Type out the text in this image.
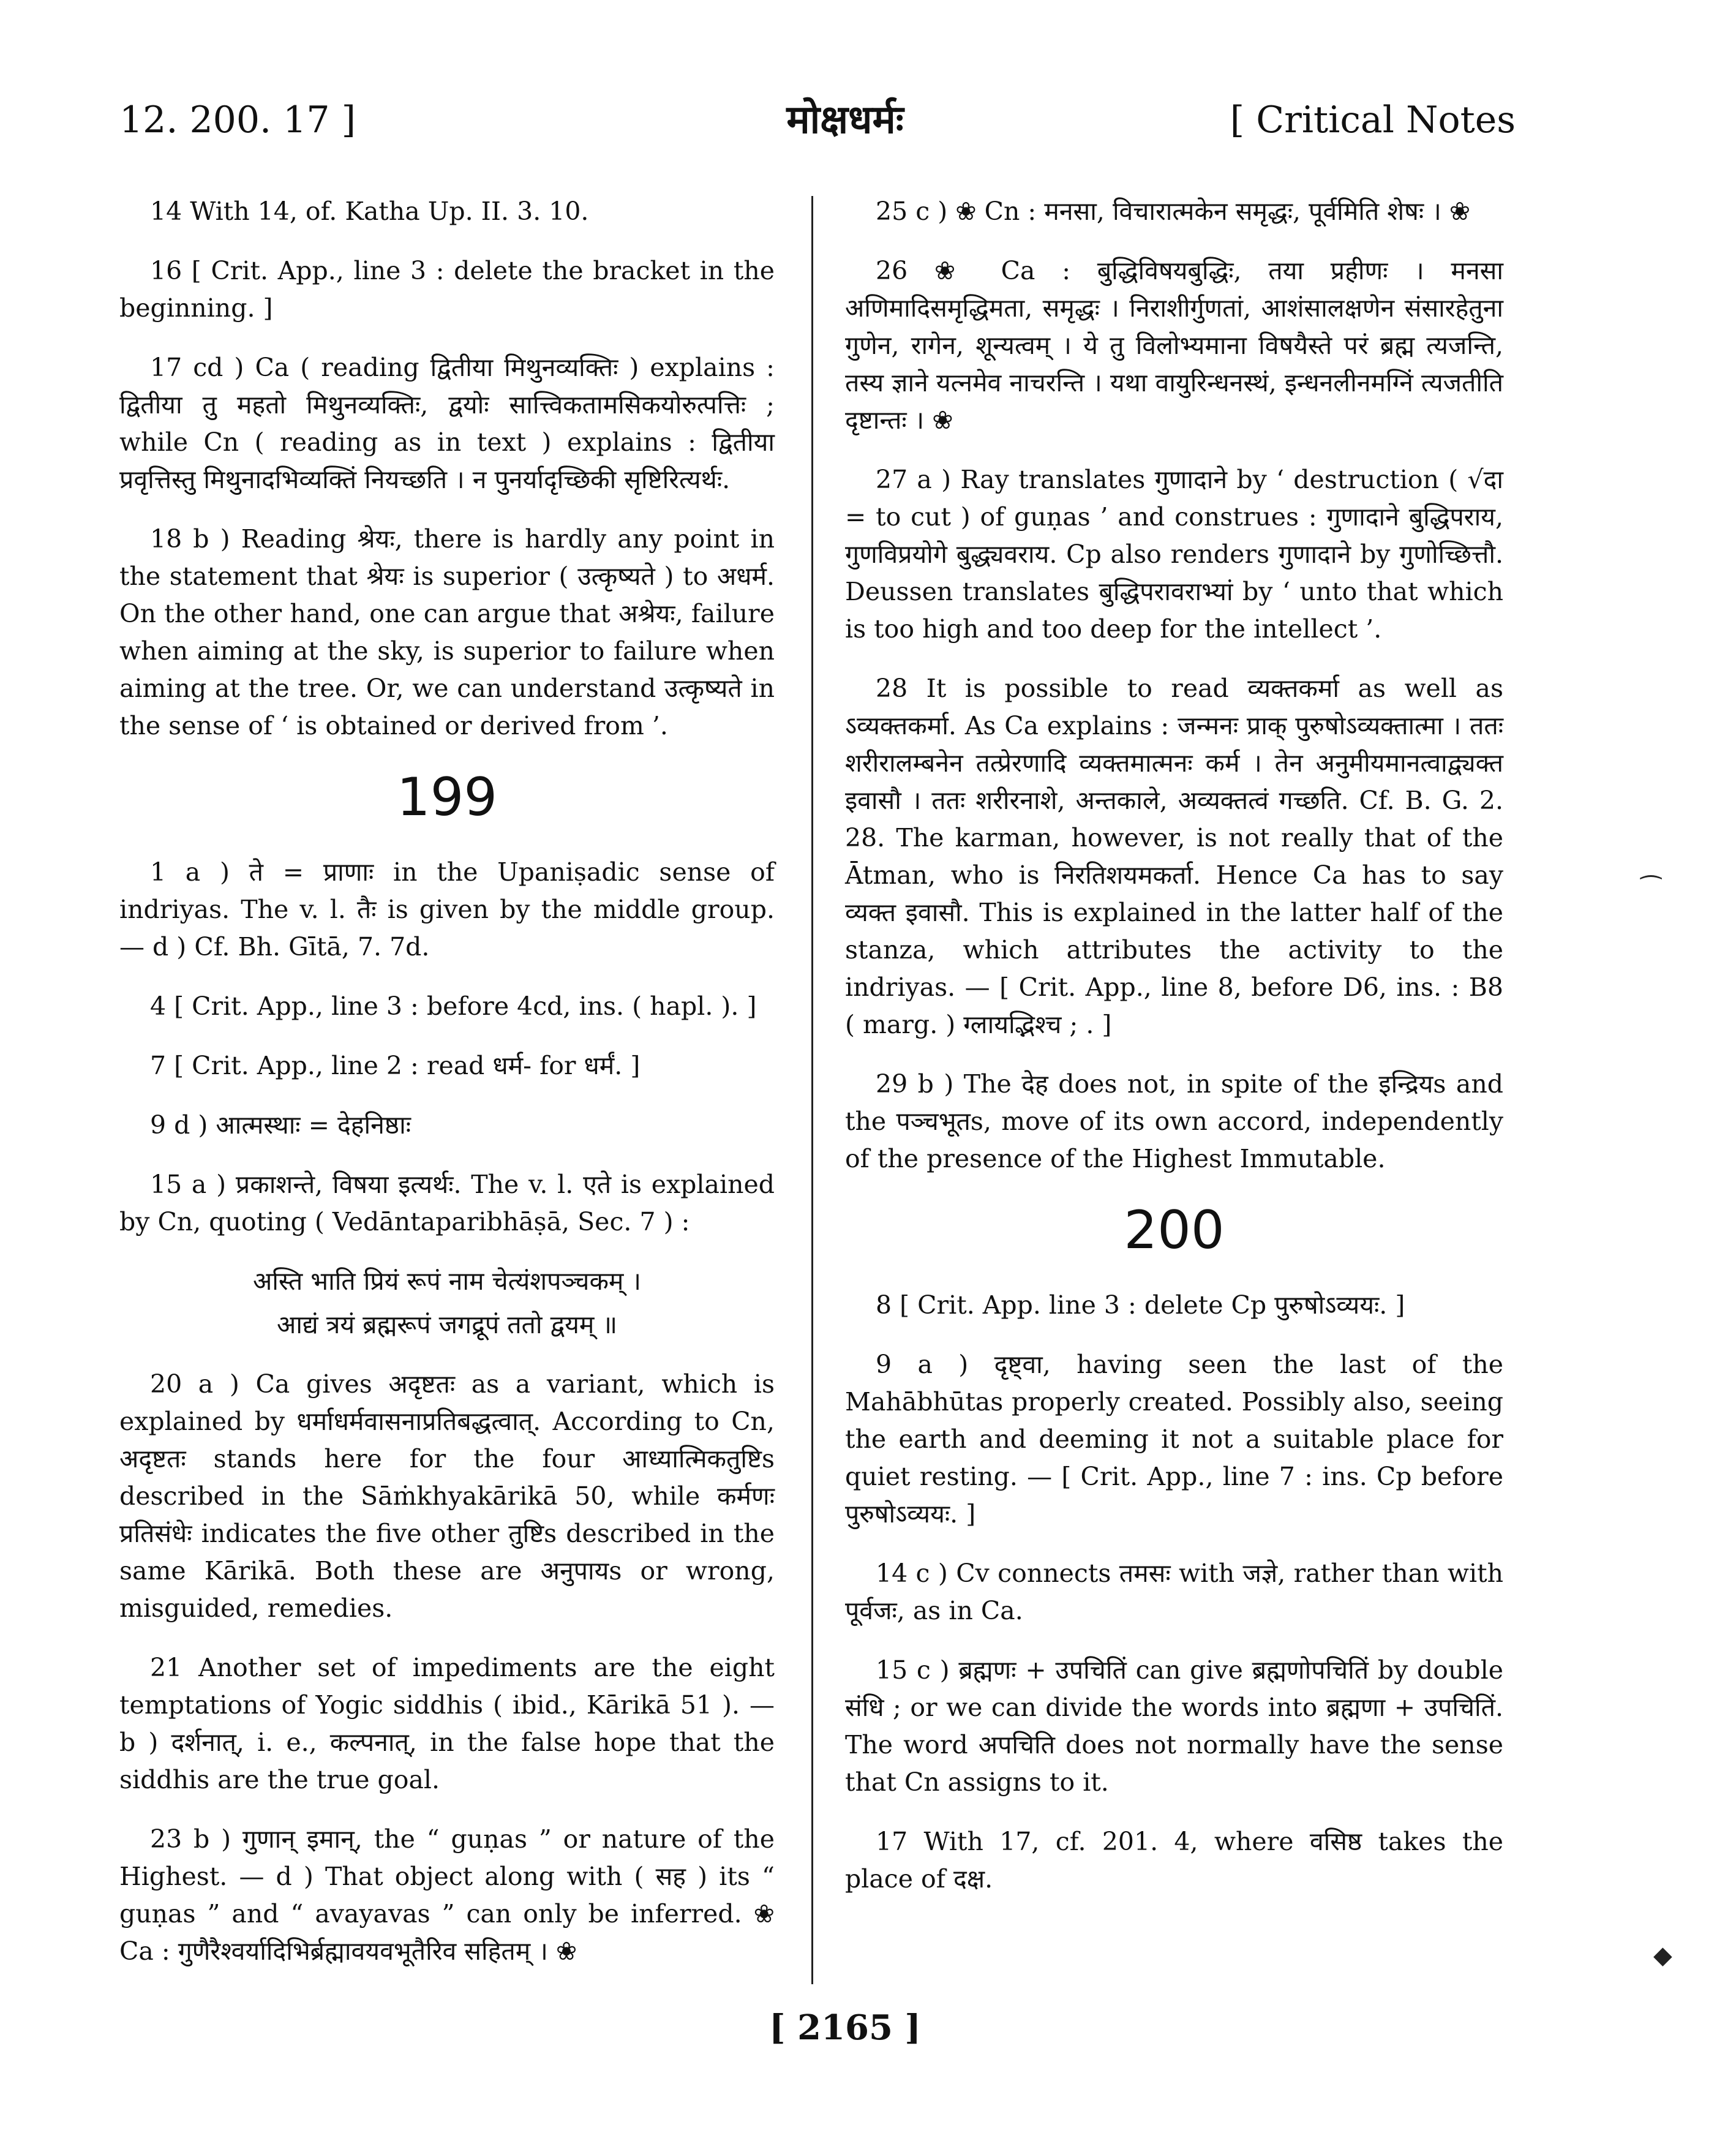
12. 200. 17 ]	मोक्षधर्मः	[ Critical Notes

14 With 14, of. Katha Up. II. 3. 10.

16 [ Crit. App., line 3 : delete the bracket in the beginning. ]

17 cd ) Ca ( reading द्वितीया मिथुनव्यक्तिः ) explains : द्वितीया तु महतो मिथुनव्यक्तिः, द्वयोः सात्त्विकतामसिकयोरुत्पत्तिः ; while Cn ( reading as in text ) explains : द्वितीया प्रवृत्तिस्तु मिथुनादभिव्यक्तिं नियच्छति । न पुनर्यादृच्छिकी सृष्टिरित्यर्थः.

18 b ) Reading श्रेयः, there is hardly any point in the statement that श्रेयः is superior ( उत्कृष्यते ) to अधर्म. On the other hand, one can argue that अश्रेयः, failure when aiming at the sky, is superior to failure when aiming at the tree. Or, we can understand उत्कृष्यते in the sense of ‘ is obtained or derived from ’.

199

1 a ) ते = प्राणाः in the Upaniṣadic sense of indriyas. The v. l. तैः is given by the middle group. — d ) Cf. Bh. Gītā, 7. 7d.

4 [ Crit. App., line 3 : before 4cd, ins. ( hapl. ). ]

7 [ Crit. App., line 2 : read धर्म- for धर्मं. ]

9 d ) आत्मस्थाः = देहनिष्ठाः

15 a ) प्रकाशन्ते, विषया इत्यर्थः. The v. l. एते is explained by Cn, quoting ( Vedāntaparibhāṣā, Sec. 7 ) :

अस्ति भाति प्रियं रूपं नाम चेत्यंशपञ्चकम् ।

आद्यं त्रयं ब्रह्मरूपं जगद्रूपं ततो द्वयम् ॥

20 a ) Ca gives अदृष्टतः as a variant, which is explained by धर्माधर्मवासनाप्रतिबद्धत्वात्. According to Cn, अदृष्टतः stands here for the four आध्यात्मिकतुष्टिs described in the Sāṁkhyakārikā 50, while कर्मणः प्रतिसंधेः indicates the five other तुष्टिs described in the same Kārikā. Both these are अनुपायs or wrong, misguided, remedies.

21 Another set of impediments are the eight temptations of Yogic siddhis ( ibid., Kārikā 51 ). — b ) दर्शनात्, i. e., कल्पनात्, in the false hope that the siddhis are the true goal.

23 b ) गुणान् इमान्, the “ guṇas ” or nature of the Highest. — d ) That object along with ( सह ) its “ guṇas ” and “ avayavas ” can only be inferred. ❀ Ca : गुणैरैश्वर्यादिभिर्ब्रह्मावयवभूतैरिव सहितम् । ❀

25 c ) ❀ Cn : मनसा, विचारात्मकेन समृद्धः, पूर्वमिति शेषः । ❀

26 ❀ Ca : बुद्धिविषयबुद्धिः, तया प्रहीणः । मनसा अणिमादिसमृद्धिमता, समृद्धः । निराशीर्गुणतां, आशंसालक्षणेन संसारहेतुना गुणेन, रागेन, शून्यत्वम् । ये तु विलोभ्यमाना विषयैस्ते परं ब्रह्म त्यजन्ति, तस्य ज्ञाने यत्नमेव नाचरन्ति । यथा वायुरिन्धनस्थं, इन्धनलीनमग्निं त्यजतीति दृष्टान्तः । ❀

27 a ) Ray translates गुणादाने by ‘ destruction ( √दा = to cut ) of guṇas ’ and construes : गुणादाने बुद्धिपराय, गुणविप्रयोगे बुद्ध्यवराय. Cp also renders गुणादाने by गुणोच्छित्तौ. Deussen translates बुद्धिपरावराभ्यां by ‘ unto that which is too high and too deep for the intellect ’.

28 It is possible to read व्यक्तकर्मा as well as ऽव्यक्तकर्मा. As Ca explains : जन्मनः प्राक् पुरुषोऽव्यक्तात्मा । ततः शरीरालम्बनेन तत्प्रेरणादि व्यक्तमात्मनः कर्म । तेन अनुमीयमानत्वाद्व्यक्त इवासौ । ततः शरीरनाशे, अन्तकाले, अव्यक्तत्वं गच्छति. Cf. B. G. 2. 28. The karman, however, is not really that of the Ātman, who is निरतिशयमकर्ता. Hence Ca has to say व्यक्त इवासौ. This is explained in the latter half of the stanza, which attributes the activity to the indriyas. — [ Crit. App., line 8, before D6, ins. : B8 ( marg. ) ग्लायद्भिश्च ; . ]

29 b ) The देह does not, in spite of the इन्द्रियs and the पञ्चभूतs, move of its own accord, independently of the presence of the Highest Immutable.

200

8 [ Crit. App. line 3 : delete Cp पुरुषोऽव्ययः. ]

9 a ) दृष्ट्वा, having seen the last of the Mahābhūtas properly created. Possibly also, seeing the earth and deeming it not a suitable place for quiet resting. — [ Crit. App., line 7 : ins. Cp before पुरुषोऽव्ययः. ]

14 c ) Cv connects तमसः with जज्ञे, rather than with पूर्वजः, as in Ca.

15 c ) ब्रह्मणः + उपचितिं can give ब्रह्मणोपचितिं by double संधि ; or we can divide the words into ब्रह्मणा + उपचितिं. The word अपचिति does not normally have the sense that Cn assigns to it.

17 With 17, cf. 201. 4, where वसिष्ठ takes the place of दक्ष.

[ 2165 ]
⁀
◆
